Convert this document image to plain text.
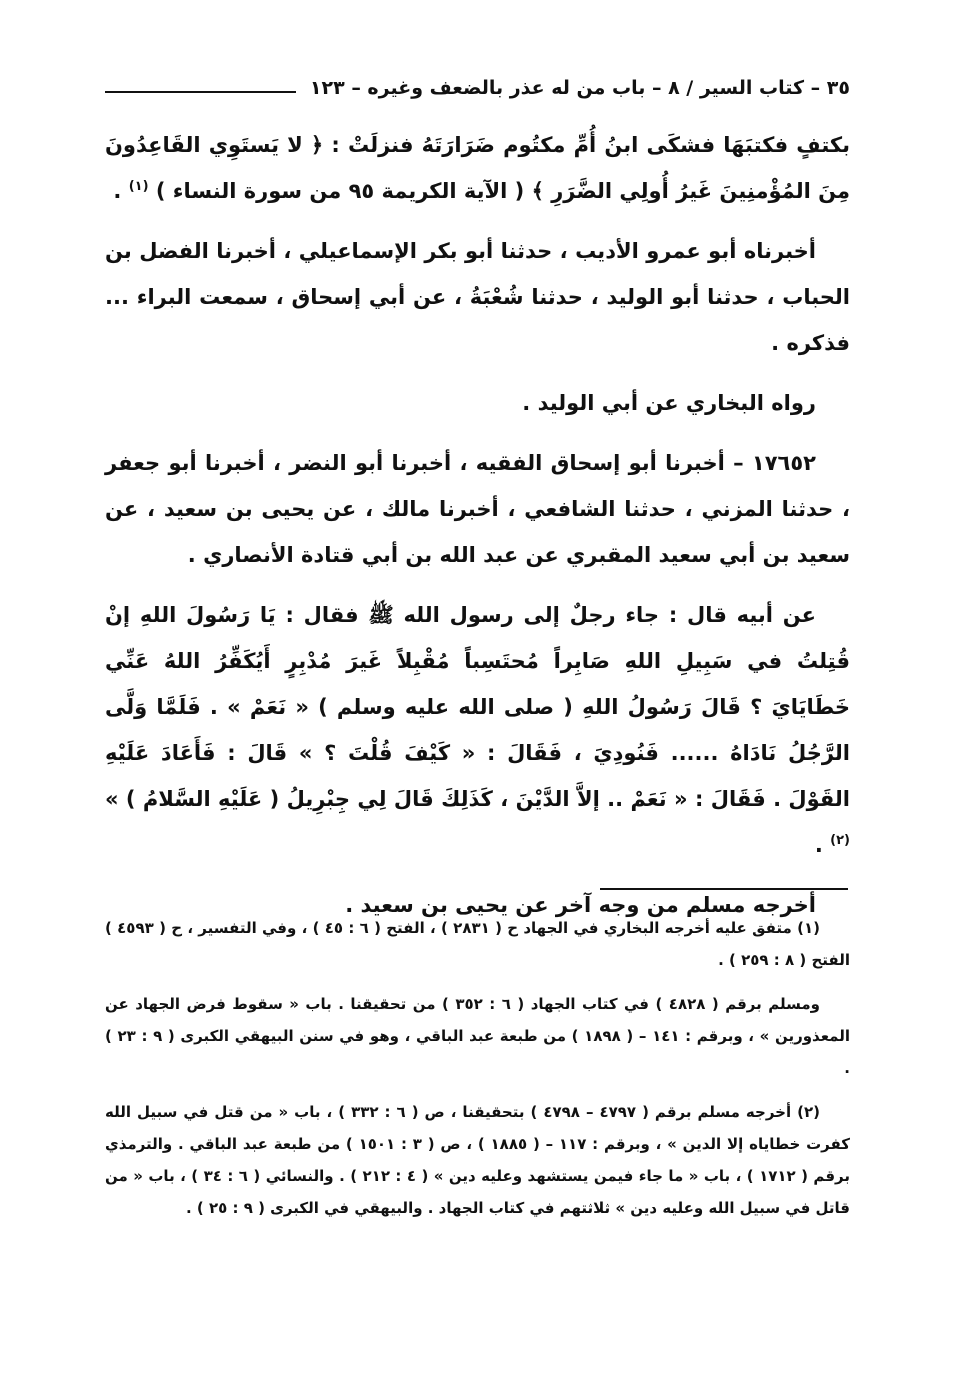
٣٥ – كتاب السير / ٨ – باب من له عذر بالضعف وغيره – ١٢٣

بكتفٍ فكتبَهَا فشكَى ابنُ أُمِّ مكتُوم ضَرَارَتَهُ فنزلَتْ : ﴿ لا يَستَوِي القَاعِدُونَ مِنَ المُؤْمنِينَ غَيرُ أُولِي الضَّرَرِ ﴾ ( الآية الكريمة ٩٥ من سورة النساء ) $^{(١)}$ .

أخبرناه أبو عمرو الأديب ، حدثنا أبو بكر الإسماعيلي ، أخبرنا الفضل بن الحباب ، حدثنا أبو الوليد ، حدثنا شُعْبَةُ ، عن أبي إسحاق ، سمعت البراء ... فذكره .

رواه البخاري عن أبي الوليد .

١٧٦٥٢ – أخبرنا أبو إسحاق الفقيه ، أخبرنا أبو النضر ، أخبرنا أبو جعفر ، حدثنا المزني ، حدثنا الشافعي ، أخبرنا مالك ، عن يحيى بن سعيد ، عن سعيد بن أبي سعيد المقبري عن عبد الله بن أبي قتادة الأنصاري .

عن أبيه قال : جاء رجلٌ إلى رسول الله ﷺ فقال : يَا رَسُولَ اللهِ إنْ قُتِلتُ في سَبِيلِ اللهِ صَابِراً مُحتَسِباً مُقْبِلاً غَيرَ مُدْبِرٍ أَيُكَفِّرُ اللهُ عَنِّي خَطَايَايَ ؟ قَالَ رَسُولُ اللهِ ( صلى الله عليه وسلم ) « نَعَمْ » . فَلَمَّا وَلَّى الرَّجُلُ نَادَاهُ ...... فَنُودِيَ ، فَقَالَ : « كَيْفَ قُلْتَ ؟ » قَالَ : فَأَعَادَ عَلَيْهِ القَوْلَ . فَقَالَ : « نَعَمْ .. إلاَّ الدَّيْنَ ، كَذَلِكَ قَالَ لِي جِبْرِيلُ ( عَلَيْهِ السَّلامُ ) » $^{(٢)}$ .

أخرجه مسلم من وجه آخر عن يحيى بن سعيد .

(١) متفق عليه أخرجه البخاري في الجهاد ح ( ٢٨٣١ ) ، الفتح ( ٦ : ٤٥ ) ، وفي التفسير ، ح ( ٤٥٩٣ ) الفتح ( ٨ : ٢٥٩ ) .

ومسلم برقم ( ٤٨٢٨ ) في كتاب الجهاد ( ٦ : ٣٥٢ ) من تحقيقنا . باب « سقوط فرض الجهاد عن المعذورين » ، وبرقم : ١٤١ – ( ١٨٩٨ ) من طبعة عبد الباقي ، وهو في سنن البيهقي الكبرى ( ٩ : ٢٣ ) .

(٢) أخرجه مسلم برقم ( ٤٧٩٧ – ٤٧٩٨ ) بتحقيقنا ، ص ( ٦ : ٣٣٢ ) ، باب « من قتل في سبيل الله كفرت خطاياه إلا الدين » ، وبرقم : ١١٧ – ( ١٨٨٥ ) ، ص ( ٣ : ١٥٠١ ) من طبعة عبد الباقي . والترمذي برقم ( ١٧١٢ ) ، باب « ما جاء فيمن يستشهد وعليه دين » ( ٤ : ٢١٢ ) . والنسائي ( ٦ : ٣٤ ) ، باب « من قاتل في سبيل الله وعليه دين » ثلاثتهم في كتاب الجهاد . والبيهقي في الكبرى ( ٩ : ٢٥ ) .
